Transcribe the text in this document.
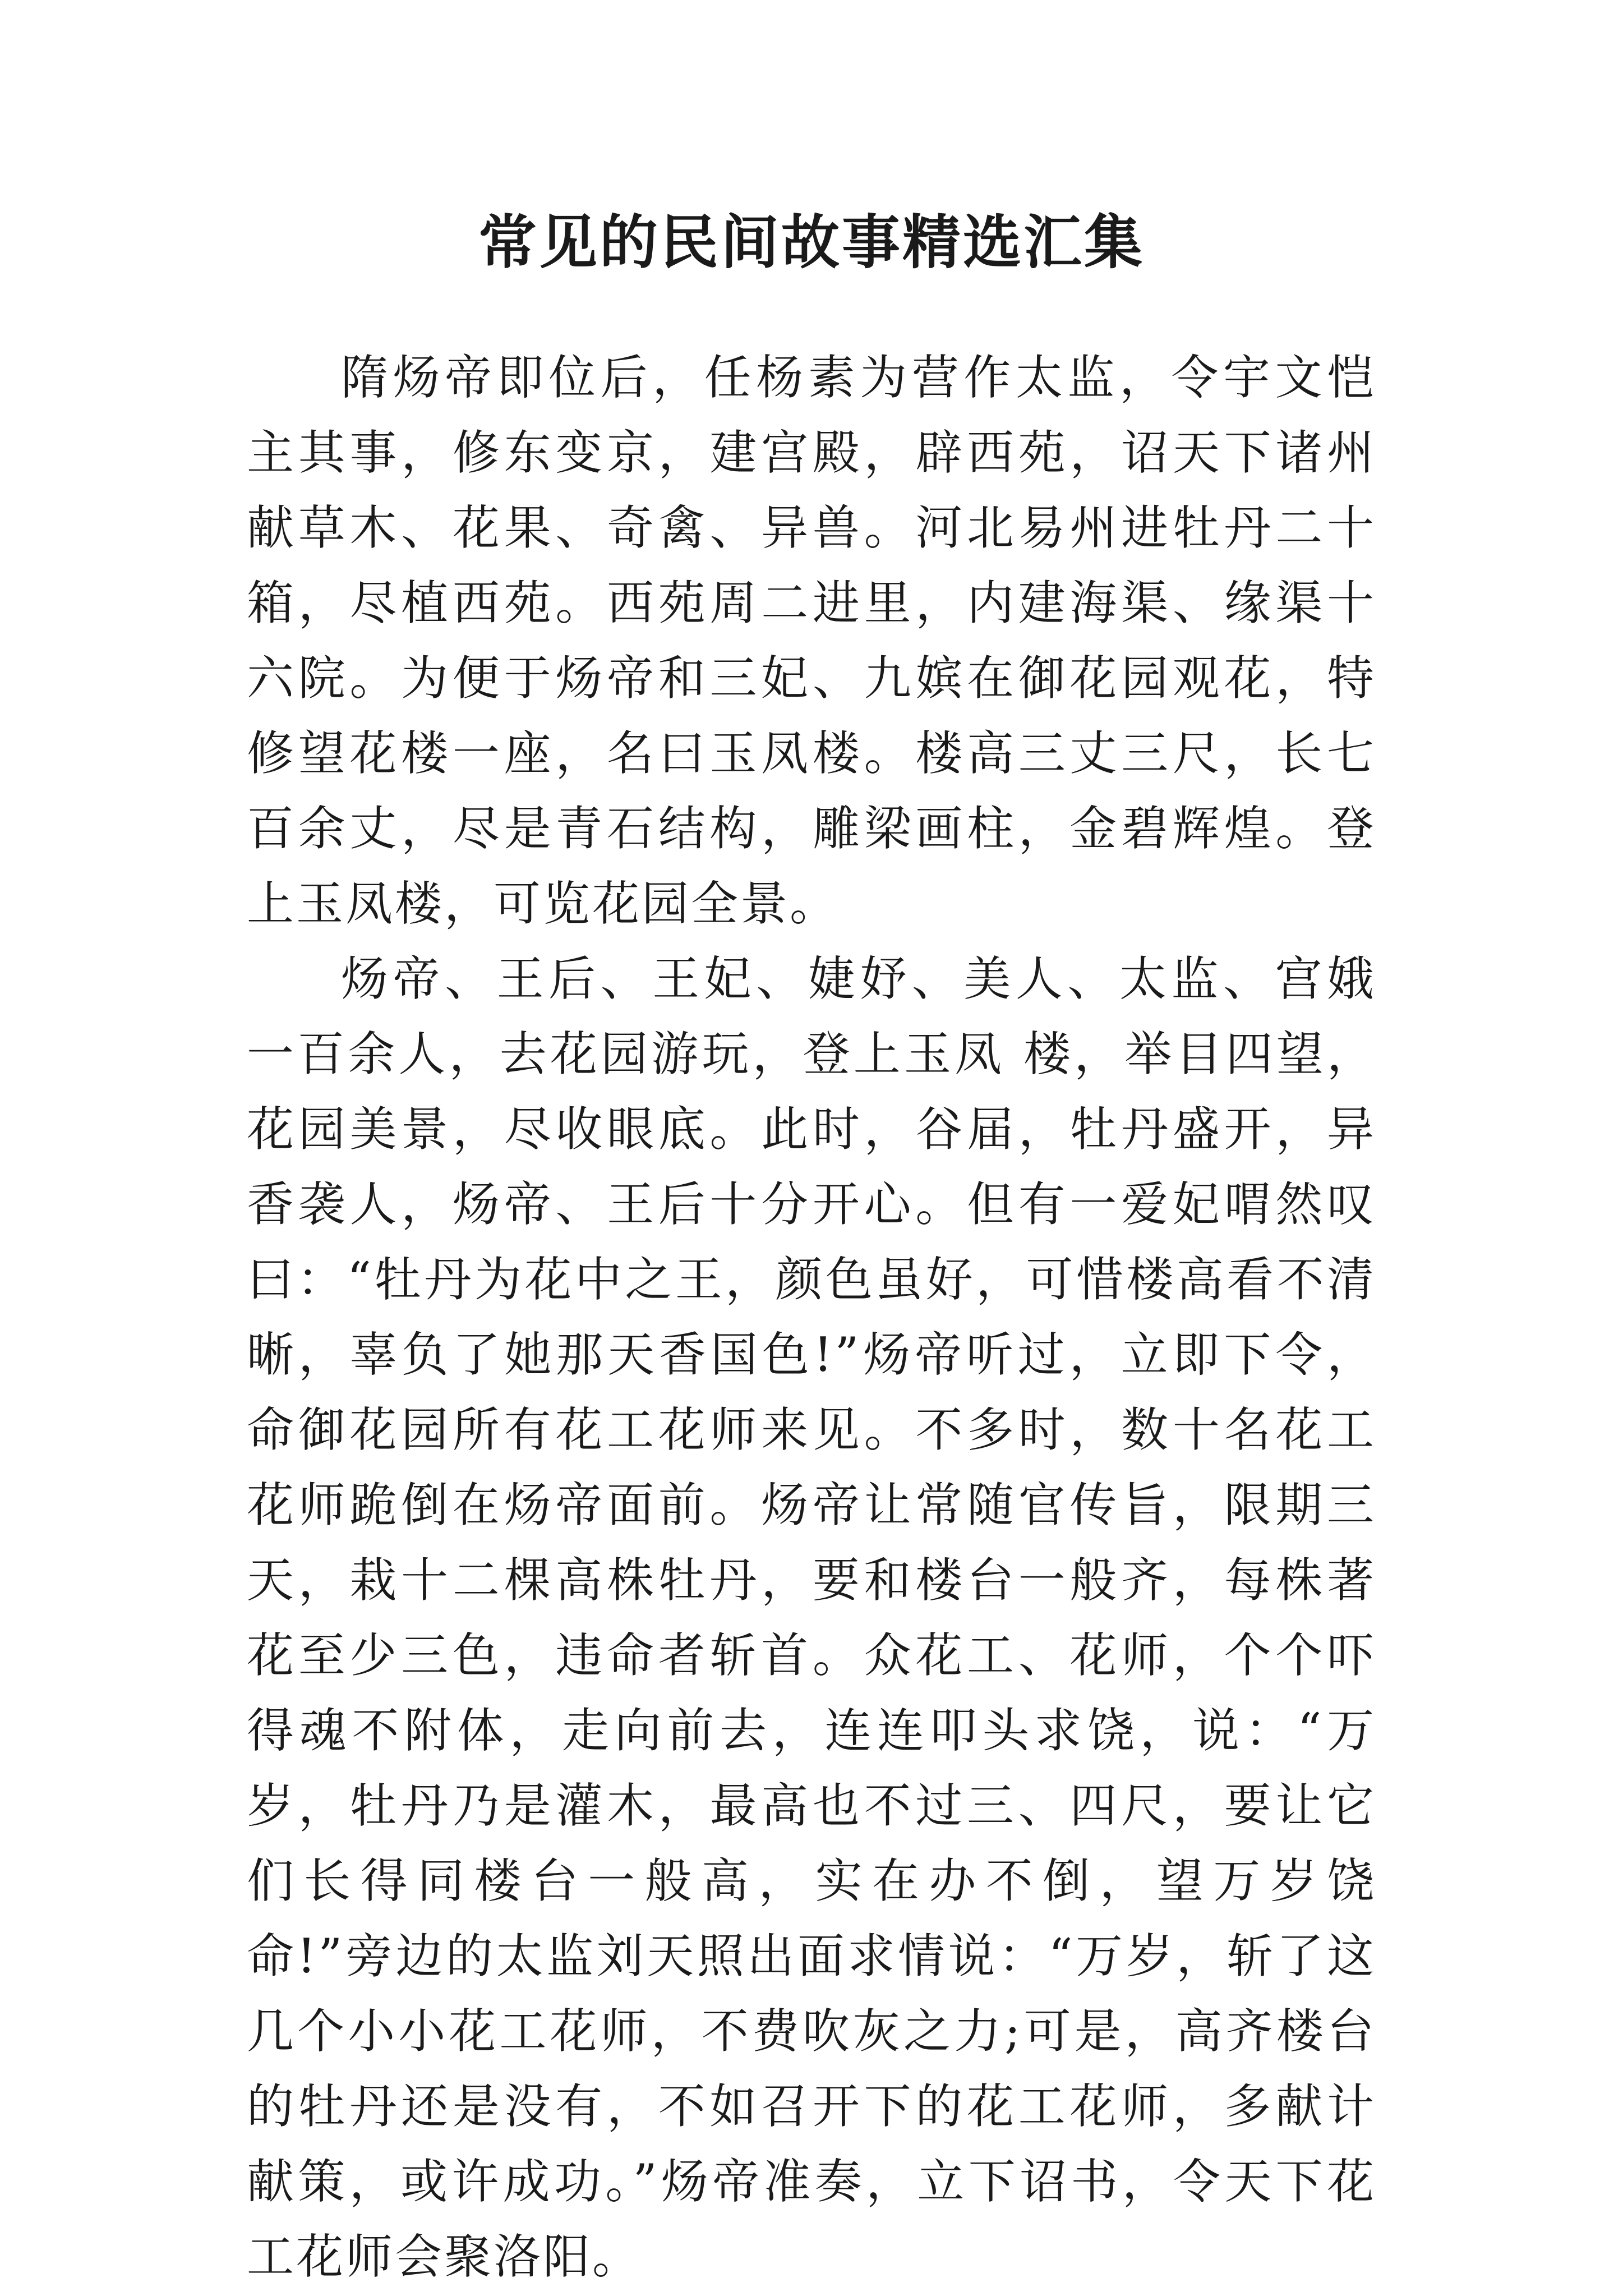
常见的民间故事精选汇集

隋炀帝即位后，任杨素为营作太监，令宇文恺主其事，修东变京，建宫殿，辟西苑，诏天下诸州献草木、花果、奇禽、异兽。河北易州进牡丹二十箱，尽植西苑。西苑周二进里，内建海渠、缘渠十六院。为便于炀帝和三妃、九嫔在御花园观花，特修望花楼一座，名曰玉凤楼。楼高三丈三尺，长七百余丈，尽是青石结构，雕梁画柱，金碧辉煌。登上玉凤楼，可览花园全景。

炀帝、王后、王妃、婕妤、美人、太监、宫娥一百余人，去花园游玩，登上玉凤 楼，举目四望，花园美景，尽收眼底。此时，谷届，牡丹盛开，异香袭人，炀帝、王后十分开心。但有一爱妃喟然叹曰：“牡丹为花中之王，颜色虽好，可惜楼高看不清晰，辜负了她那天香国色!”炀帝听过，立即下令，命御花园所有花工花师来见。不多时，数十名花工花师跪倒在炀帝面前。炀帝让常随官传旨，限期三天，栽十二棵高株牡丹，要和楼台一般齐，每株著花至少三色，违命者斩首。众花工、花师，个个吓得魂不附体，走向前去，连连叩头求饶，说：“万岁，牡丹乃是灌木，最高也不过三、四尺，要让它们长得同楼台一般高，实在办不倒，望万岁饶命!”旁边的太监刘天照出面求情说：“万岁，斩了这几个小小花工花师，不费吹灰之力;可是，高齐楼台的牡丹还是没有，不如召开下的花工花师，多献计献策，或许成功。”炀帝准奏，立下诏书，令天下花工花师会聚洛阳。
